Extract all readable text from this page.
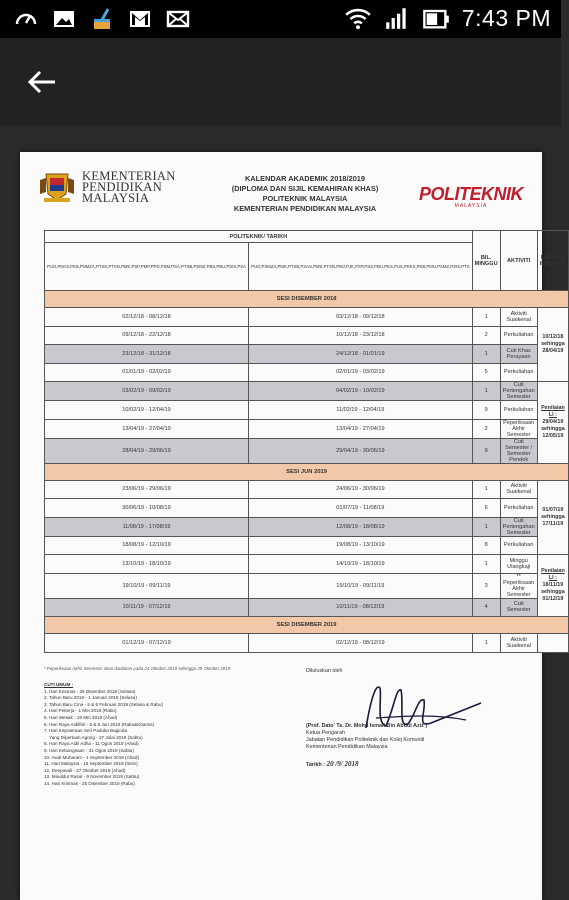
7:43 PM
KEMENTERIAN
PENDIDIKAN
MALAYSIA
KALENDAR AKADEMIK 2018/2019
(DIPLOMA DAN SIJIL KEMAHIRAN KHAS)
POLITEKNIK MALAYSIA
KEMENTERIAN PENDIDIKAN MALAYSIA
POLITEKNIK
MALAYSIA
POLITEKNIK/ TARIKH		BIL. MINGGU	AKTIVITI	LATIHAN INDUSTRI
PUO,PKKS,PKB,PSMZA,PTSS,PTSN,PMK,PSP,PMP,PPD,PSM,PSA,PTSB,PSMZ,PBS,PBU,PSIS,PSA	PUO,PSMZA,PMK,PTSB,PSAS,PMS,PTSN,PMJ,PJK,PSP,PSS,PBU,PKS,PUS,PKKS,PKB,PMU,PSMZ,PSIS,PTS			
SESI DISEMBER 2018				
02/12/18 - 08/12/18	03/12/18 - 09/12/18	1	Aktiviti Suaikenal	10/12/18
sehingga
28/04/19

09/12/18 - 22/12/18	10/12/18 - 23/12/18	2	Perkuliahan	
23/12/18 - 31/12/18	24/12/18 - 01/01/19	1	Cuti Khas Perayaan	
01/01/19 - 02/02/19	02/01/19 - 03/02/19	5	Perkuliahan	
03/02/19 - 09/02/19	04/02/19 - 10/02/19	1	Cuti Pertengahan Semester	Penilaian LI :

29/04/19
sehingga
12/05/19

10/02/19 - 12/04/19	11/02/19 - 12/04/19	9	Perkuliahan	
13/04/19 - 27/04/19	13/04/19 - 27/04/19	2	Peperiksaan Akhir Semester	
28/04/19 - 29/06/19	29/04/19 - 30/06/19	9	Cuti Semester / Semester Pendek	
SESI JUN 2019				
23/06/19 - 29/06/19	24/06/19 - 30/06/19	1	Aktiviti Suaikenal	01/07/19
sehingga
17/11/19

30/06/19 - 10/08/19	01/07/19 - 11/08/19	6	Perkuliahan	
11/08/19 - 17/08/19	12/08/19 - 18/08/19	1	Cuti Pertengahan Semester	
18/08/19 - 12/10/19	19/08/19 - 13/10/19	8	Perkuliahan	
13/10/19 - 18/10/19	14/10/19 - 18/10/19	1	Minggu Ulangkaji	Penilaian LI :

18/11/19
sehingga
01/12/19

19/10/19 - 09/11/19	19/10/19 - 09/11/19	3	** Peperiksaan Akhir Semester	
10/11/19 - 07/12/19	10/11/19 - 08/12/19	4	Cuti Semester	
SESI DISEMBER 2019				
01/12/19 - 07/12/19	02/12/19 - 08/12/19	1	Aktiviti Suaikenal	
* Peperiksaan Akhir Semester akan diadakan pada 24 Oktober 2019 sehingga 29 Oktober 2019.
CUTI UMUM :
1. Hari Krismas - 25 Disember 2018 (Selasa)
2. Tahun Baru 2019 - 1 Januari 2019 (Selasa)
3. Tahun Baru Cina - 5 & 6 Februari 2019 (Selasa & Rabu)
4. Hari Pekerja - 1 Mei 2019 (Rabu)
5. Hari Wesak - 19 Mei 2019 (Ahad)
6. Hari Raya Aidilfitri - 5 & 6 Jun 2019 (Rabu&Khamis)
7. Hari Keputeraan Seri Paduka Baginda
Yang Dipertuan Agong - 27 Julai 2019 (Sabtu)
8. Hari Raya Aidil Adha - 11 Ogos 2019 (Ahad)
9. Hari Kebangsaan - 31 Ogos 2019 (Sabtu)
10. Awal Muharam - 1 September 2019 (Ahad)
11. Hari Malaysia - 16 September 2019 (Isnin)
12. Deepavali - 27 Oktober 2019 (Ahad)
13. Maulidur Rasul - 9 November 2019 (Sabtu)
14. Hari Krismas - 25 Disember 2019 (Rabu)
Diluluskan oleh
(Prof. Dato' Ts. Dr. Mohd Ismail Bin Abdul Aziz )
Ketua Pengarah
Jabatan Pendidikan Politeknik dan Kolej Komuniti
Kementerian Pendidikan Malaysia
Tarikh : 20 /9/ 2018
